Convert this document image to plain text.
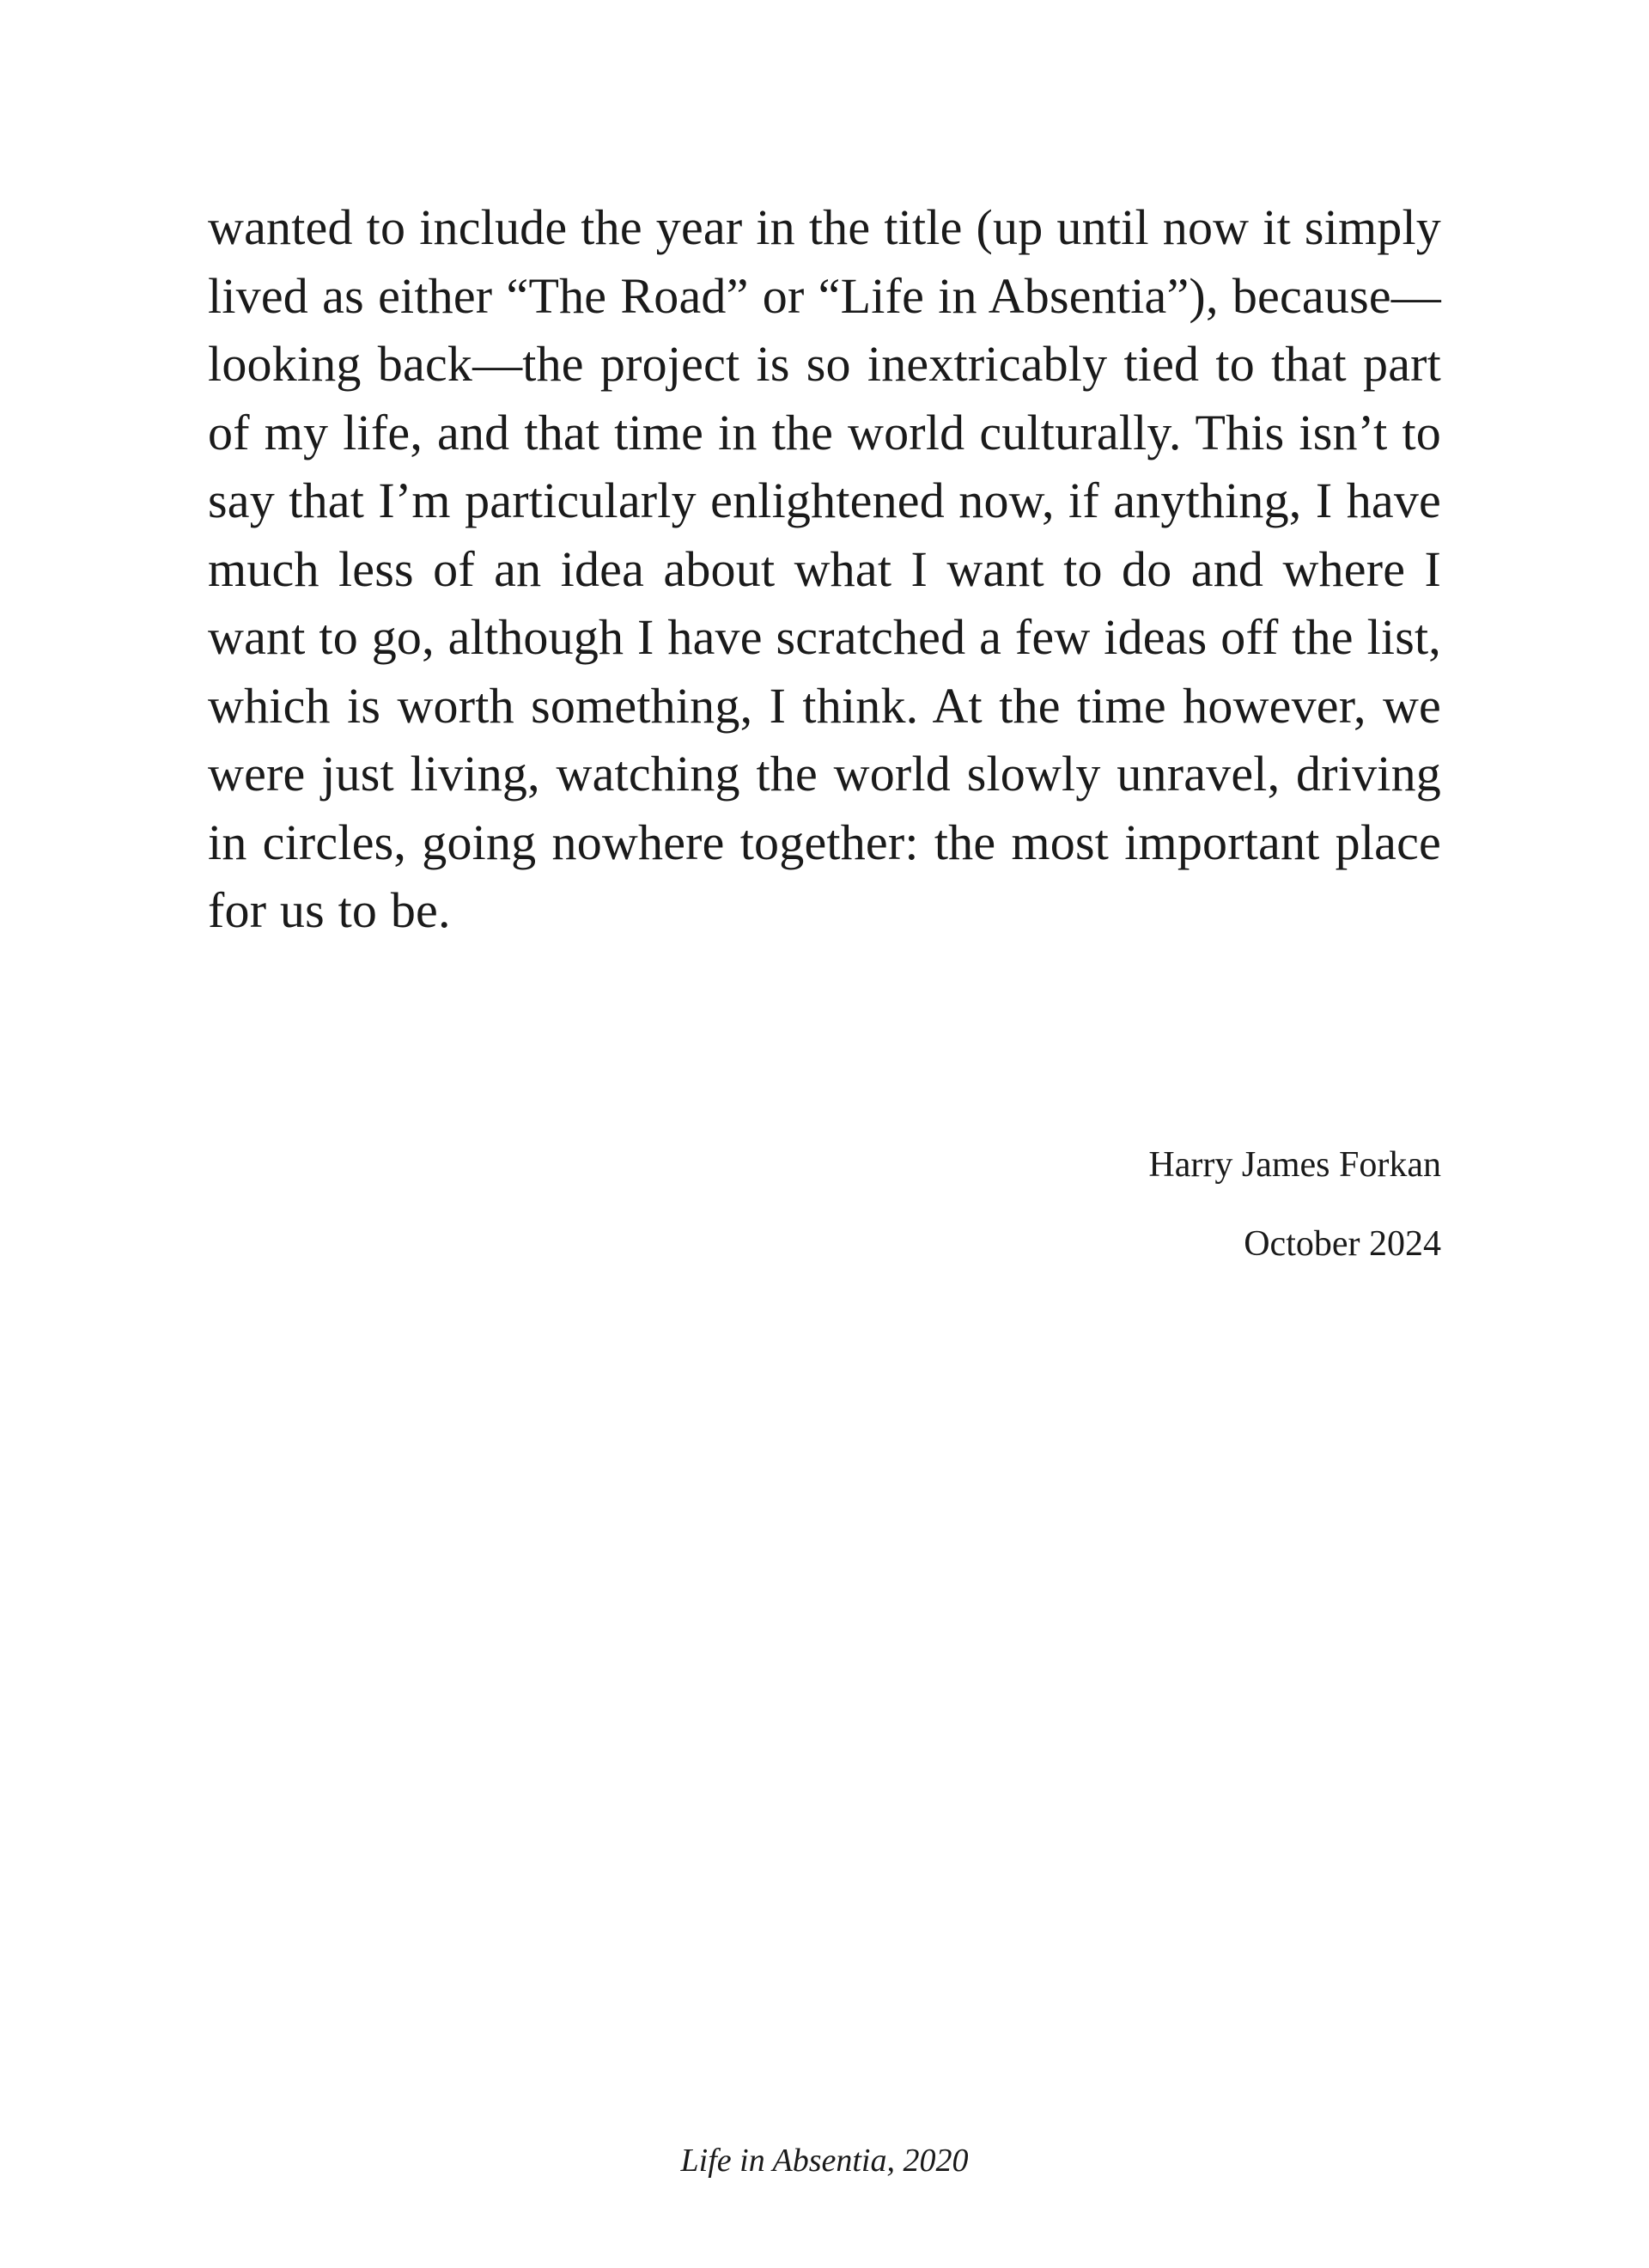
wanted to include the year in the title (up until now it simply lived as either “The Road” or “Life in Absentia”), because—looking back—the project is so inextricably tied to that part of my life, and that time in the world culturally. This isn’t to say that I’m particularly enlightened now, if anything, I have much less of an idea about what I want to do and where I want to go, although I have scratched a few ideas off the list, which is worth something, I think. At the time however, we were just living, watching the world slowly unravel, driving in circles, going nowhere together: the most important place for us to be.

Harry James Forkan
October 2024
Life in Absentia, 2020
